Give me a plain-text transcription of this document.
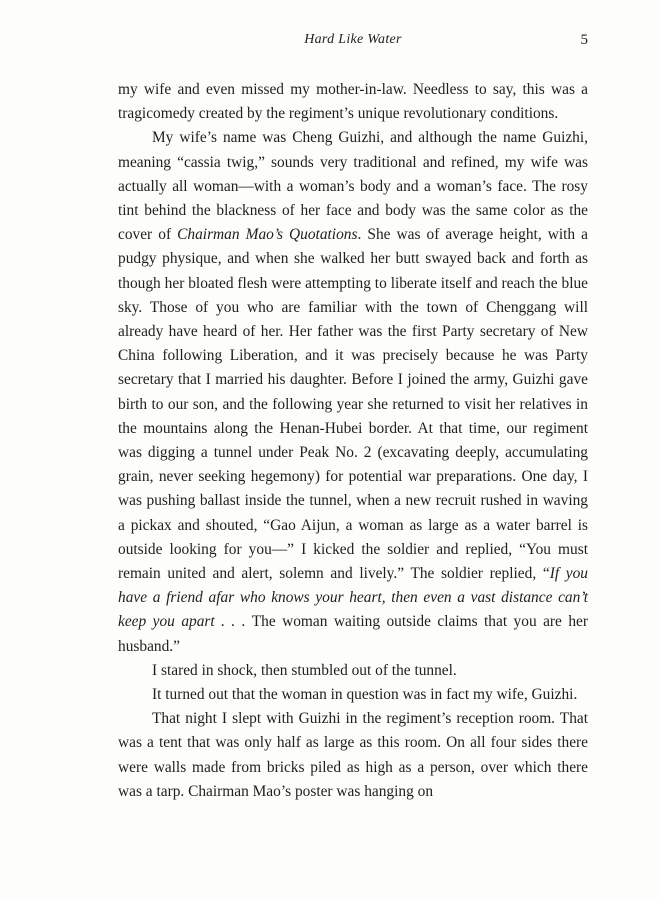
Hard Like Water	5

my wife and even missed my mother-in-law. Needless to say, this was a tragicomedy created by the regiment’s unique revolutionary conditions.

My wife’s name was Cheng Guizhi, and although the name Guizhi, meaning “cassia twig,” sounds very traditional and refined, my wife was actually all woman—with a woman’s body and a woman’s face. The rosy tint behind the blackness of her face and body was the same color as the cover of Chairman Mao’s Quotations. She was of average height, with a pudgy physique, and when she walked her butt swayed back and forth as though her bloated flesh were attempting to liberate itself and reach the blue sky. Those of you who are familiar with the town of Chenggang will already have heard of her. Her father was the first Party secretary of New China following Liberation, and it was precisely because he was Party secretary that I married his daughter. Before I joined the army, Guizhi gave birth to our son, and the following year she returned to visit her relatives in the mountains along the Henan-Hubei border. At that time, our regiment was digging a tunnel under Peak No. 2 (excavating deeply, accumulating grain, never seeking hegemony) for potential war preparations. One day, I was pushing ballast inside the tunnel, when a new recruit rushed in waving a pickax and shouted, “Gao Aijun, a woman as large as a water barrel is outside looking for you—” I kicked the soldier and replied, “You must remain united and alert, solemn and lively.” The soldier replied, “If you have a friend afar who knows your heart, then even a vast distance can’t keep you apart . . . The woman waiting outside claims that you are her husband.”

I stared in shock, then stumbled out of the tunnel.

It turned out that the woman in question was in fact my wife, Guizhi.

That night I slept with Guizhi in the regiment’s reception room. That was a tent that was only half as large as this room. On all four sides there were walls made from bricks piled as high as a person, over which there was a tarp. Chairman Mao’s poster was hanging on
